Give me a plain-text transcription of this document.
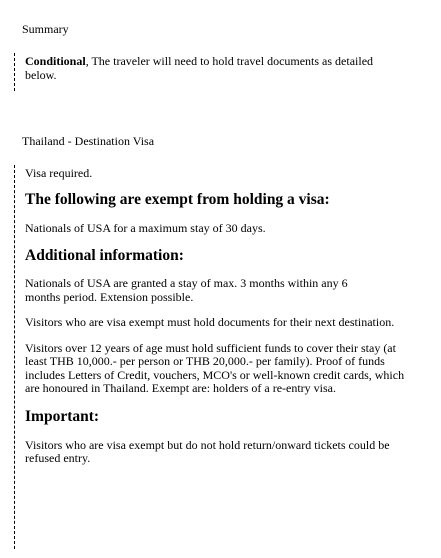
Summary

Conditional, The traveler will need to hold travel documents as detailed below.

Thailand - Destination Visa

Visa required.

The following are exempt from holding a visa:

Nationals of USA for a maximum stay of 30 days.

Additional information:

Nationals of USA are granted a stay of max. 3 months within any 6 months period. Extension possible.

Visitors who are visa exempt must hold documents for their next destination.

Visitors over 12 years of age must hold sufficient funds to cover their stay (at least THB 10,000.- per person or THB 20,000.- per family). Proof of funds includes Letters of Credit, vouchers, MCO's or well-known credit cards, which are honoured in Thailand. Exempt are: holders of a re-entry visa.

Important:

Visitors who are visa exempt but do not hold return/onward tickets could be refused entry.
